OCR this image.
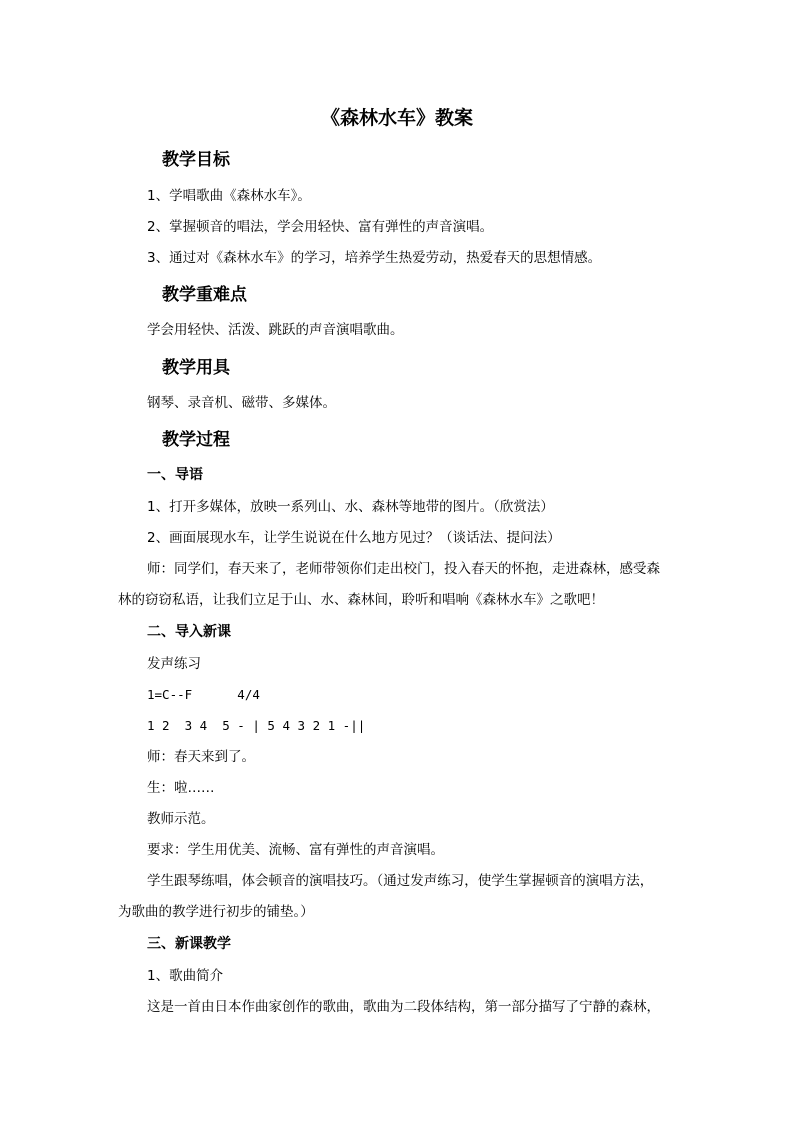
《森林水车》教案
教学目标
1、学唱歌曲《森林水车》。
2、掌握顿音的唱法，学会用轻快、富有弹性的声音演唱。
3、通过对《森林水车》的学习，培养学生热爱劳动，热爱春天的思想情感。
教学重难点
学会用轻快、活泼、跳跃的声音演唱歌曲。
教学用具
钢琴、录音机、磁带、多媒体。
教学过程
一、导语
1、打开多媒体，放映一系列山、水、森林等地带的图片。（欣赏法）
2、画面展现水车，让学生说说在什么地方见过？（谈话法、提问法）
师：同学们，春天来了，老师带领你们走出校门，投入春天的怀抱，走进森林，感受森
林的窃窃私语，让我们立足于山、水、森林间，聆听和唱响《森林水车》之歌吧！
二、导入新课
发声练习
1=C--F      4/4
1 2  3 4  5 - | 5 4 3 2 1 -||
师：春天来到了。
生：啦……
教师示范。
要求：学生用优美、流畅、富有弹性的声音演唱。
学生跟琴练唱，体会顿音的演唱技巧。（通过发声练习，使学生掌握顿音的演唱方法，
为歌曲的教学进行初步的铺垫。）
三、新课教学
1、歌曲简介
这是一首由日本作曲家创作的歌曲，歌曲为二段体结构，第一部分描写了宁静的森林，
